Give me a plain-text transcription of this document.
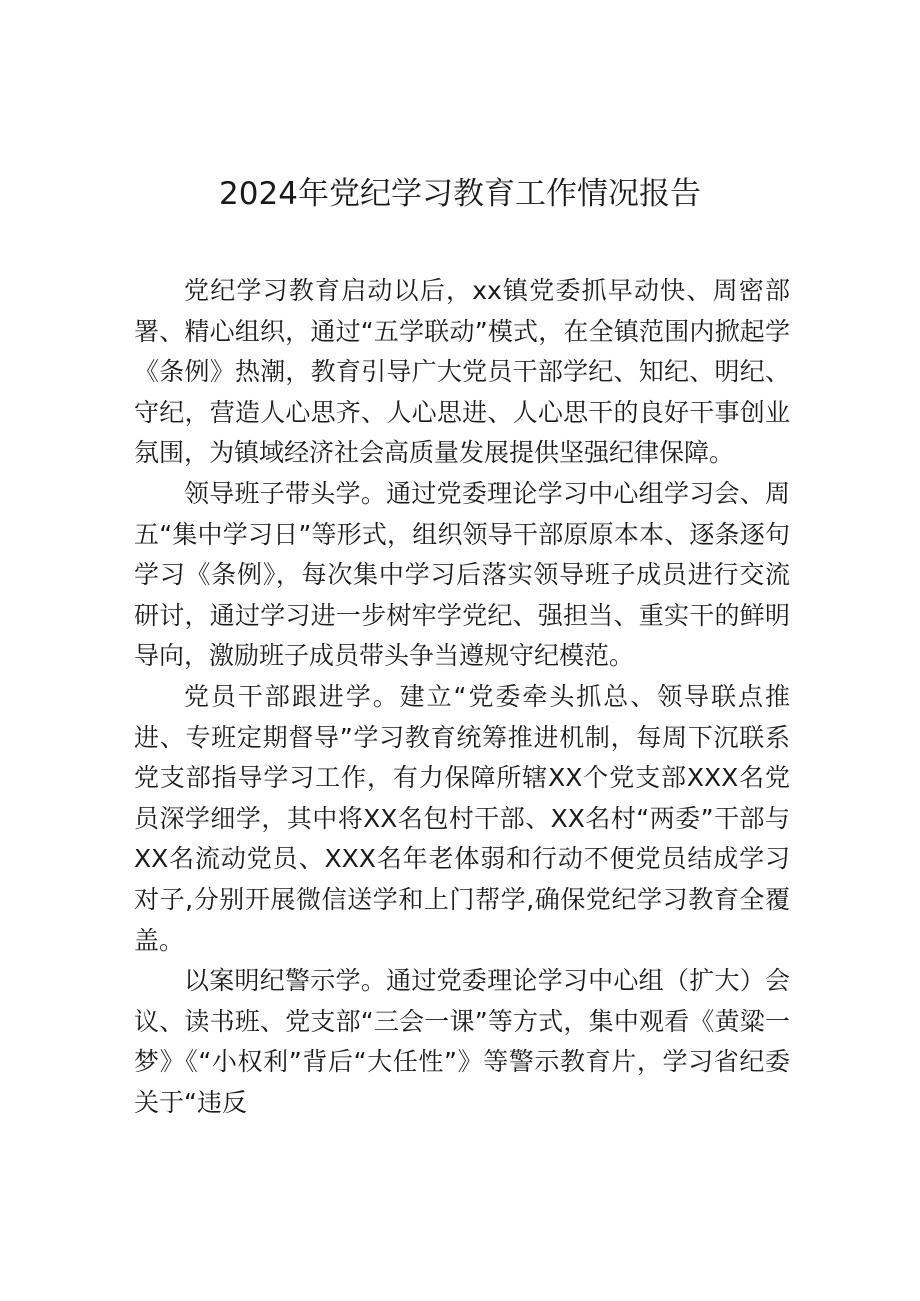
2024年党纪学习教育工作情况报告

党纪学习教育启动以后，xx镇党委抓早动快、周密部署、精心组织，通过“五学联动”模式，在全镇范围内掀起学《条例》热潮，教育引导广大党员干部学纪、知纪、明纪、守纪，营造人心思齐、人心思进、人心思干的良好干事创业氛围，为镇域经济社会高质量发展提供坚强纪律保障。

领导班子带头学。通过党委理论学习中心组学习会、周五“集中学习日”等形式，组织领导干部原原本本、逐条逐句学习《条例》，每次集中学习后落实领导班子成员进行交流研讨，通过学习进一步树牢学党纪、强担当、重实干的鲜明导向，激励班子成员带头争当遵规守纪模范。

党员干部跟进学。建立“党委牵头抓总、领导联点推进、专班定期督导”学习教育统筹推进机制，每周下沉联系党支部指导学习工作，有力保障所辖XX个党支部XXX名党员深学细学，其中将XX名包村干部、XX名村“两委”干部与XX名流动党员、XXX名年老体弱和行动不便党员结成学习对子,分别开展微信送学和上门帮学,确保党纪学习教育全覆盖。

以案明纪警示学。通过党委理论学习中心组（扩大）会议、读书班、党支部“三会一课”等方式，集中观看《黄粱一梦》《“小权利”背后“大任性”》等警示教育片，学习省纪委关于“违反
